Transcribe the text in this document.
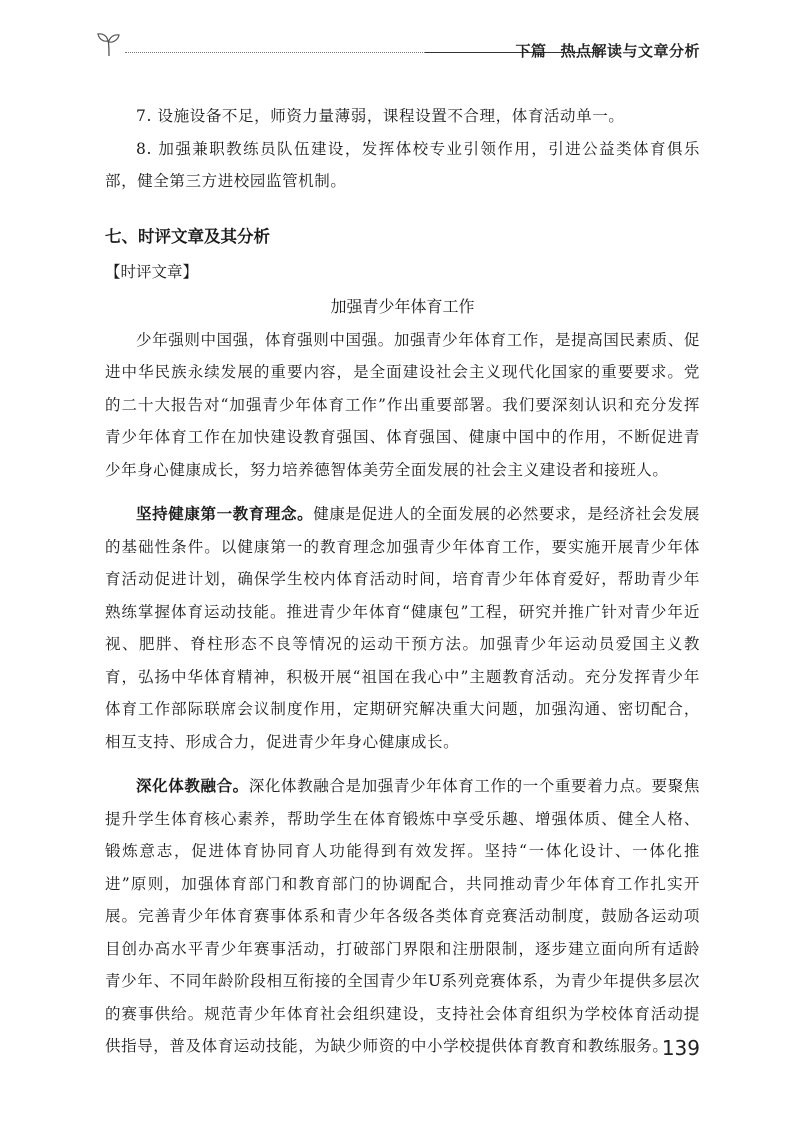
下篇 热点解读与文章分析

7. 设施设备不足，师资力量薄弱，课程设置不合理，体育活动单一。

8. 加强兼职教练员队伍建设，发挥体校专业引领作用，引进公益类体育俱乐部，健全第三方进校园监管机制。

七、时评文章及其分析
【时评文章】
加强青少年体育工作

少年强则中国强，体育强则中国强。加强青少年体育工作，是提高国民素质、促进中华民族永续发展的重要内容，是全面建设社会主义现代化国家的重要要求。党的二十大报告对“加强青少年体育工作”作出重要部署。我们要深刻认识和充分发挥青少年体育工作在加快建设教育强国、体育强国、健康中国中的作用，不断促进青少年身心健康成长，努力培养德智体美劳全面发展的社会主义建设者和接班人。

坚持健康第一教育理念。健康是促进人的全面发展的必然要求，是经济社会发展的基础性条件。以健康第一的教育理念加强青少年体育工作，要实施开展青少年体育活动促进计划，确保学生校内体育活动时间，培育青少年体育爱好，帮助青少年熟练掌握体育运动技能。推进青少年体育“健康包”工程，研究并推广针对青少年近视、肥胖、脊柱形态不良等情况的运动干预方法。加强青少年运动员爱国主义教育，弘扬中华体育精神，积极开展“祖国在我心中”主题教育活动。充分发挥青少年体育工作部际联席会议制度作用，定期研究解决重大问题，加强沟通、密切配合，相互支持、形成合力，促进青少年身心健康成长。

深化体教融合。深化体教融合是加强青少年体育工作的一个重要着力点。要聚焦提升学生体育核心素养，帮助学生在体育锻炼中享受乐趣、增强体质、健全人格、锻炼意志，促进体育协同育人功能得到有效发挥。坚持“一体化设计、一体化推进”原则，加强体育部门和教育部门的协调配合，共同推动青少年体育工作扎实开展。完善青少年体育赛事体系和青少年各级各类体育竞赛活动制度，鼓励各运动项目创办高水平青少年赛事活动，打破部门界限和注册限制，逐步建立面向所有适龄青少年、不同年龄阶段相互衔接的全国青少年U系列竞赛体系，为青少年提供多层次的赛事供给。规范青少年体育社会组织建设，支持社会体育组织为学校体育活动提供指导，普及体育运动技能，为缺少师资的中小学校提供体育教育和教练服务。

139
